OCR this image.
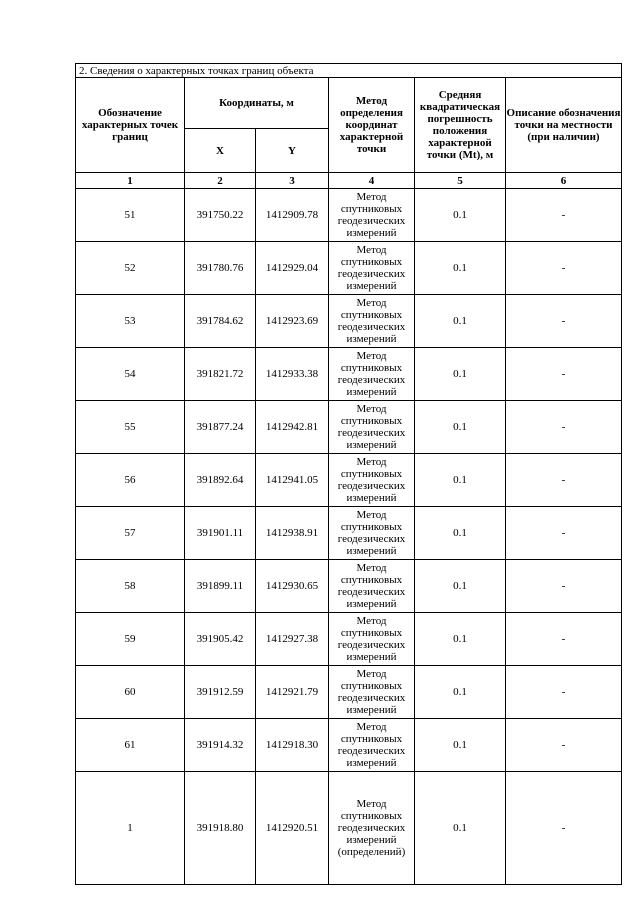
2. Сведения о характерных точках границ объекта					
Обозначение характерных точек границ	Координаты, м		Метод определения координат характерной точки	Средняя квадратическая погрешность положения характерной точки (Mt), м	Описание обозначения точки на местности (при наличии)
	X	Y			
1	2	3	4	5	6
51	391750.22	1412909.78	Метод спутниковых геодезических измерений	0.1	-
52	391780.76	1412929.04	Метод спутниковых геодезических измерений	0.1	-
53	391784.62	1412923.69	Метод спутниковых геодезических измерений	0.1	-
54	391821.72	1412933.38	Метод спутниковых геодезических измерений	0.1	-
55	391877.24	1412942.81	Метод спутниковых геодезических измерений	0.1	-
56	391892.64	1412941.05	Метод спутниковых геодезических измерений	0.1	-
57	391901.11	1412938.91	Метод спутниковых геодезических измерений	0.1	-
58	391899.11	1412930.65	Метод спутниковых геодезических измерений	0.1	-
59	391905.42	1412927.38	Метод спутниковых геодезических измерений	0.1	-
60	391912.59	1412921.79	Метод спутниковых геодезических измерений	0.1	-
61	391914.32	1412918.30	Метод спутниковых геодезических измерений	0.1	-
1	391918.80	1412920.51	Метод спутниковых геодезических измерений (определений)	0.1	-
